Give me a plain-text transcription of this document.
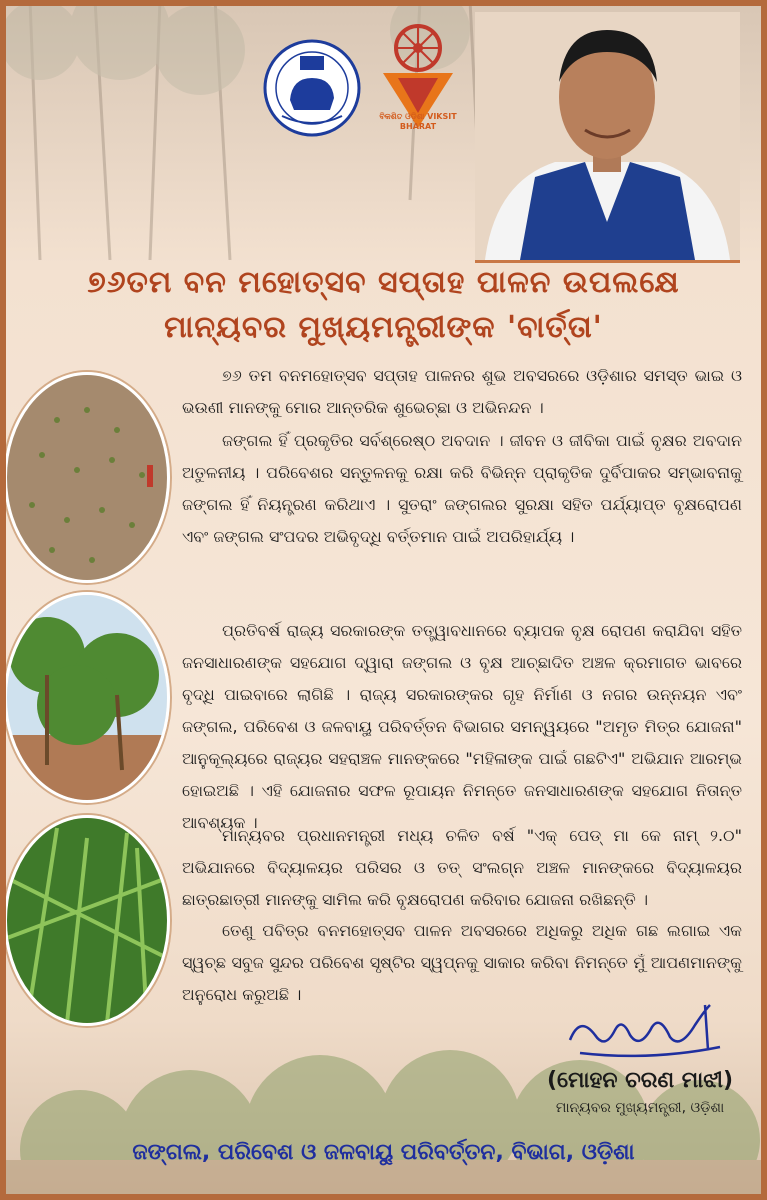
ବିକଶିତ ଓଡ଼ିଶା VIKSIT BHARAT
୭୬ତମ ବନ ମହୋତ୍ସବ ସପ୍ତାହ ପାଳନ ଉପଲକ୍ଷେ
ମାନ୍ୟବର ମୁଖ୍ୟମନ୍ତ୍ରୀଙ୍କ 'ବାର୍ତ୍ତା'

୭୬ ତମ ବନମହୋତ୍ସବ ସପ୍ତାହ ପାଳନର ଶୁଭ ଅବସରରେ ଓଡ଼ିଶାର ସମସ୍ତ ଭାଇ ଓ ଭଉଣୀ ମାନଙ୍କୁ ମୋର ଆନ୍ତରିକ ଶୁଭେଚ୍ଛା ଓ ଅଭିନନ୍ଦନ ।

ଜଙ୍ଗଲ ହିଁ ପ୍ରକୃତିର ସର୍ବଶ୍ରେଷ୍ଠ ଅବଦାନ । ଜୀବନ ଓ ଜୀବିକା ପାଇଁ ବୃକ୍ଷର ଅବଦାନ ଅତୁଳନୀୟ । ପରିବେଶର ସନ୍ତୁଳନକୁ ରକ୍ଷା କରି ବିଭିନ୍ନ ପ୍ରାକୃତିକ ଦୁର୍ବିପାକର ସମ୍ଭାବନାକୁ ଜଙ୍ଗଲ ହିଁ ନିୟନ୍ତ୍ରଣ କରିଥାଏ । ସୁତରାଂ ଜଙ୍ଗଲର ସୁରକ୍ଷା ସହିତ ପର୍ଯ୍ୟାପ୍ତ ବୃକ୍ଷରୋପଣ ଏବଂ ଜଙ୍ଗଲ ସଂପଦର ଅଭିବୃଦ୍ଧି ବର୍ତ୍ତମାନ ପାଇଁ ଅପରିହାର୍ଯ୍ୟ ।

ପ୍ରତିବର୍ଷ ରାଜ୍ୟ ସରକାରଙ୍କ ତତ୍ତ୍ୱାବଧାନରେ ବ୍ୟାପକ ବୃକ୍ଷ ରୋପଣ କରାଯିବା ସହିତ ଜନସାଧାରଣଙ୍କ ସହଯୋଗ ଦ୍ୱାରା ଜଙ୍ଗଲ ଓ ବୃକ୍ଷ ଆଚ୍ଛାଦିତ ଅଞ୍ଚଳ କ୍ରମାଗତ ଭାବରେ ବୃଦ୍ଧି ପାଇବାରେ ଲାଗିଛି । ରାଜ୍ୟ ସରକାରଙ୍କର ଗୃହ ନିର୍ମାଣ ଓ ନଗର ଉନ୍ନୟନ ଏବଂ ଜଙ୍ଗଲ, ପରିବେଶ ଓ ଜଳବାୟୁ ପରିବର୍ତ୍ତନ ବିଭାଗର ସମନ୍ୱୟରେ "ଅମୃତ ମିତ୍ର ଯୋଜନା" ଆନୁକୂଲ୍ୟରେ ରାଜ୍ୟର ସହରାଞ୍ଚଳ ମାନଙ୍କରେ "ମହିଳାଙ୍କ ପାଇଁ ଗଛଟିଏ" ଅଭିଯାନ ଆରମ୍ଭ ହୋଇଅଛି । ଏହି ଯୋଜନାର ସଫଳ ରୂପାୟନ ନିମନ୍ତେ ଜନସାଧାରଣଙ୍କ ସହଯୋଗ ନିତାନ୍ତ ଆବଶ୍ୟକ ।

ମାନ୍ୟବର ପ୍ରଧାନମନ୍ତ୍ରୀ ମଧ୍ୟ ଚଳିତ ବର୍ଷ "ଏକ୍ ପେଡ୍ ମା କେ ନାମ୍ ୨.୦" ଅଭିଯାନରେ ବିଦ୍ୟାଳୟର ପରିସର ଓ ତତ୍ ସଂଲଗ୍ନ ଅଞ୍ଚଳ ମାନଙ୍କରେ ବିଦ୍ୟାଳୟର ଛାତ୍ରଛାତ୍ରୀ ମାନଙ୍କୁ ସାମିଲ କରି ବୃକ୍ଷରୋପଣ କରିବାର ଯୋଜନା ରଖିଛନ୍ତି ।

ତେଣୁ ପବିତ୍ର ବନମହୋତ୍ସବ ପାଳନ ଅବସରରେ ଅଧିକରୁ ଅଧିକ ଗଛ ଲଗାଇ ଏକ ସ୍ୱଚ୍ଛ ସବୁଜ ସୁନ୍ଦର ପରିବେଶ ସୃଷ୍ଟିର ସ୍ୱପ୍ନକୁ ସାକାର କରିବା ନିମନ୍ତେ ମୁଁ ଆପଣମାନଙ୍କୁ ଅନୁରୋଧ କରୁଅଛି ।

(ମୋହନ ଚରଣ ମାଝୀ)
ମାନ୍ୟବର ମୁଖ୍ୟମନ୍ତ୍ରୀ, ଓଡ଼ିଶା
ଜଙ୍ଗଲ, ପରିବେଶ ଓ ଜଳବାୟୁ ପରିବର୍ତ୍ତନ, ବିଭାଗ, ଓଡ଼ିଶା
